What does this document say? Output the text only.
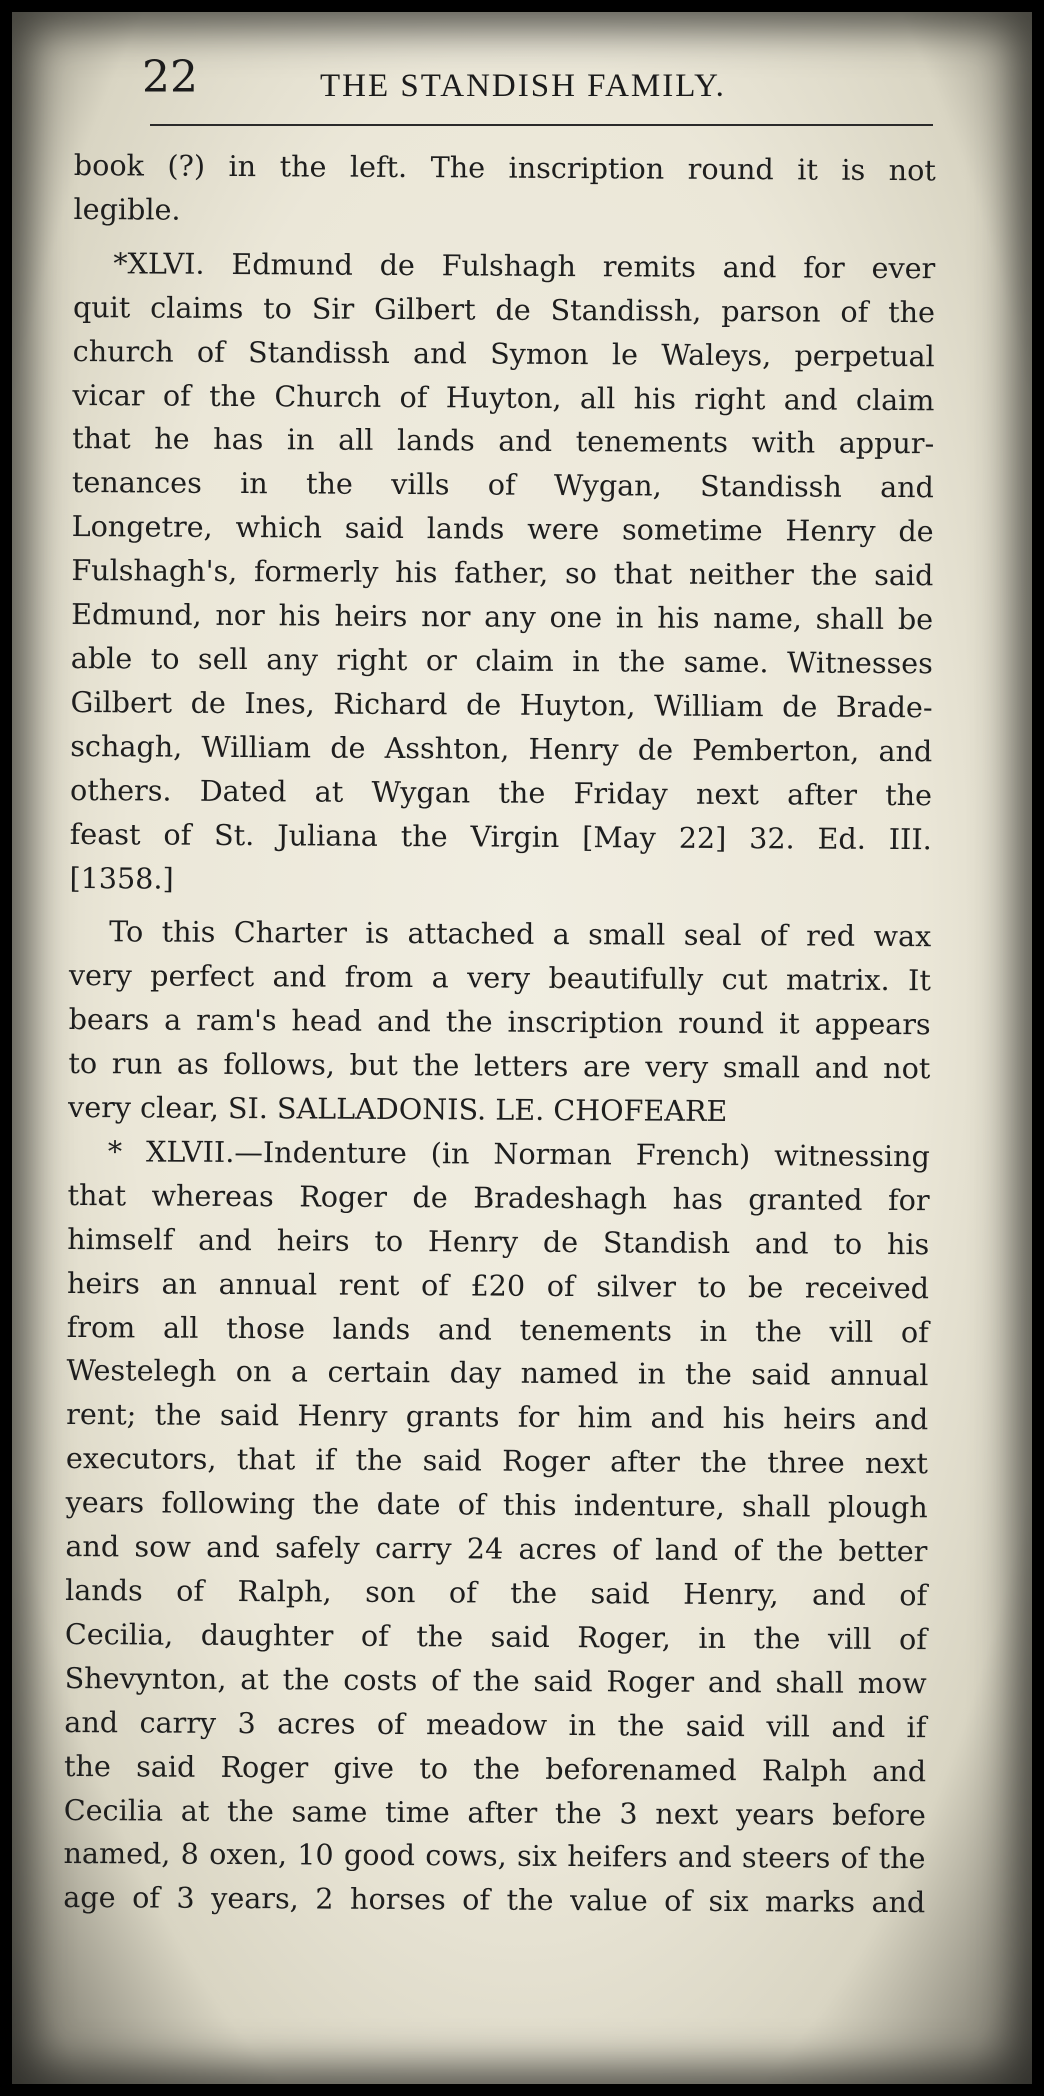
22	THE STANDISH FAMILY.
book (?) in the left. The inscription round it is not
legible.
*XLVI. Edmund de Fulshagh remits and for ever
quit claims to Sir Gilbert de Standissh, parson of the
church of Standissh and Symon le Waleys, perpetual
vicar of the Church of Huyton, all his right and claim
that he has in all lands and tenements with appur-
tenances in the vills of Wygan, Standissh and
Longetre, which said lands were sometime Henry de
Fulshagh's, formerly his father, so that neither the said
Edmund, nor his heirs nor any one in his name, shall be
able to sell any right or claim in the same. Witnesses
Gilbert de Ines, Richard de Huyton, William de Brade-
schagh, William de Asshton, Henry de Pemberton, and
others. Dated at Wygan the Friday next after the
feast of St. Juliana the Virgin [May 22] 32. Ed. III.
[1358.]
To this Charter is attached a small seal of red wax
very perfect and from a very beautifully cut matrix. It
bears a ram's head and the inscription round it appears
to run as follows, but the letters are very small and not
very clear, SI. SALLADONIS. LE. CHOFEARE
* XLVII.—Indenture (in Norman French) witnessing
that whereas Roger de Bradeshagh has granted for
himself and heirs to Henry de Standish and to his
heirs an annual rent of £20 of silver to be received
from all those lands and tenements in the vill of
Westelegh on a certain day named in the said annual
rent; the said Henry grants for him and his heirs and
executors, that if the said Roger after the three next
years following the date of this indenture, shall plough
and sow and safely carry 24 acres of land of the better
lands of Ralph, son of the said Henry, and of
Cecilia, daughter of the said Roger, in the vill of
Shevynton, at the costs of the said Roger and shall mow
and carry 3 acres of meadow in the said vill and if
the said Roger give to the beforenamed Ralph and
Cecilia at the same time after the 3 next years before
named, 8 oxen, 10 good cows, six heifers and steers of the
age of 3 years, 2 horses of the value of six marks and
